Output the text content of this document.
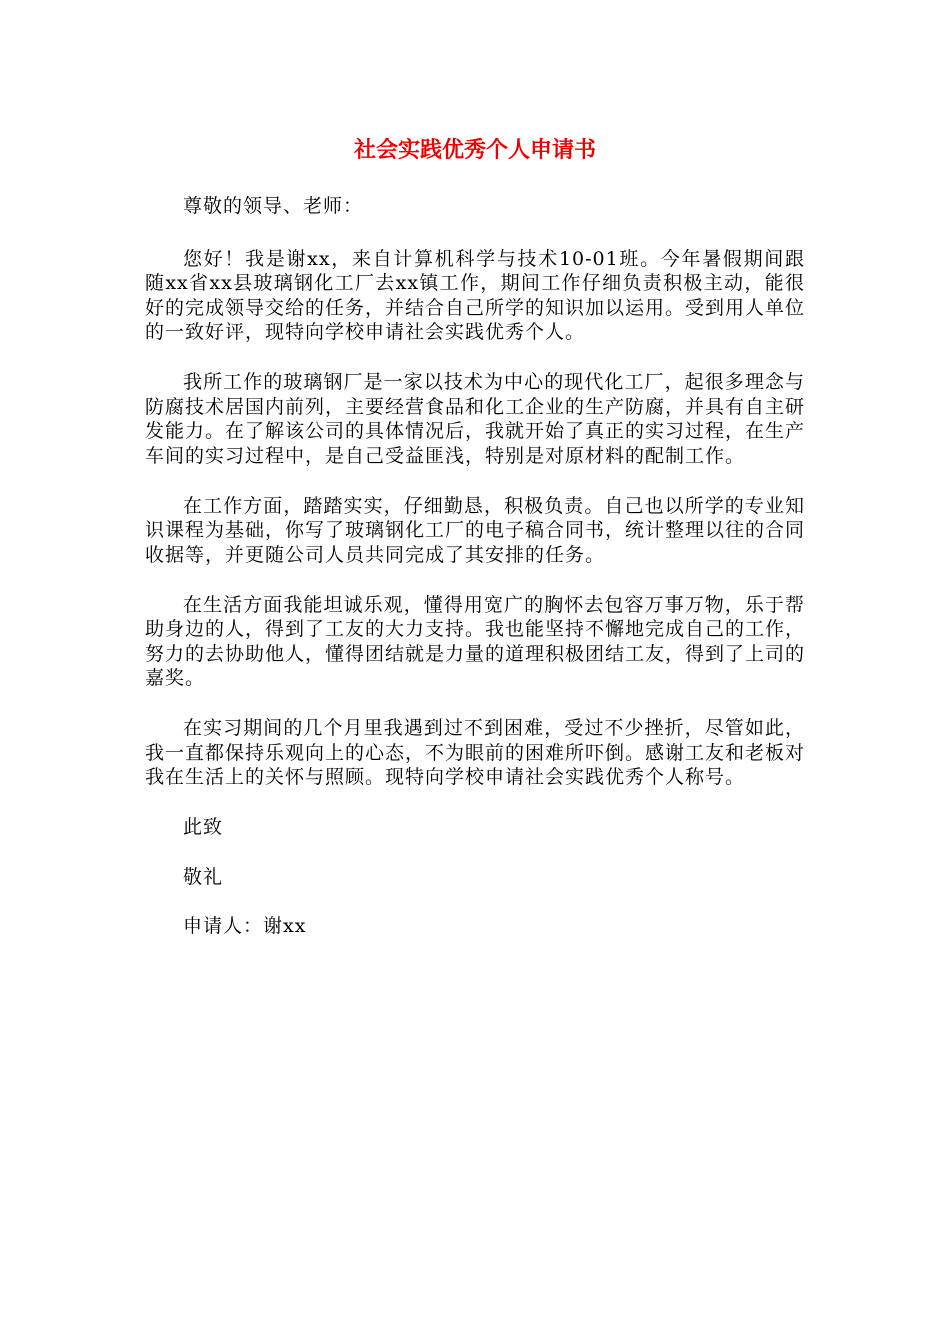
社会实践优秀个人申请书

尊敬的领导、老师：

您好！我是谢xx，来自计算机科学与技术10-01班。今年暑假期间跟随xx省xx县玻璃钢化工厂去xx镇工作，期间工作仔细负责积极主动，能很好的完成领导交给的任务，并结合自己所学的知识加以运用。受到用人单位的一致好评，现特向学校申请社会实践优秀个人。

我所工作的玻璃钢厂是一家以技术为中心的现代化工厂，起很多理念与防腐技术居国内前列，主要经营食品和化工企业的生产防腐，并具有自主研发能力。在了解该公司的具体情况后，我就开始了真正的实习过程，在生产车间的实习过程中，是自己受益匪浅，特别是对原材料的配制工作。

在工作方面，踏踏实实，仔细勤恳，积极负责。自己也以所学的专业知识课程为基础，你写了玻璃钢化工厂的电子稿合同书，统计整理以往的合同收据等，并更随公司人员共同完成了其安排的任务。

在生活方面我能坦诚乐观，懂得用宽广的胸怀去包容万事万物，乐于帮助身边的人，得到了工友的大力支持。我也能坚持不懈地完成自己的工作，努力的去协助他人，懂得团结就是力量的道理积极团结工友，得到了上司的嘉奖。

在实习期间的几个月里我遇到过不到困难，受过不少挫折，尽管如此，我一直都保持乐观向上的心态，不为眼前的困难所吓倒。感谢工友和老板对我在生活上的关怀与照顾。现特向学校申请社会实践优秀个人称号。

此致

敬礼

申请人：谢xx
